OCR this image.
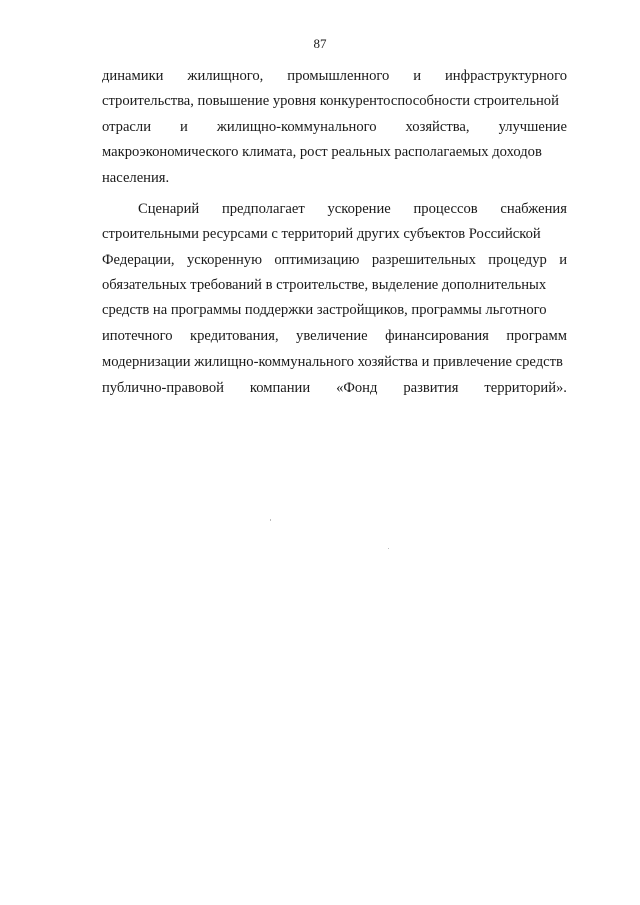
87
динамики жилищного, промышленного и инфраструктурного
строительства, повышение уровня конкурентоспособности строительной
отрасли и жилищно-коммунального хозяйства, улучшение
макроэкономического климата, рост реальных располагаемых доходов
населения.
Сценарий предполагает ускорение процессов снабжения
строительными ресурсами с территорий других субъектов Российской
Федерации, ускоренную оптимизацию разрешительных процедур и
обязательных требований в строительстве, выделение дополнительных
средств на программы поддержки застройщиков, программы льготного
ипотечного кредитования, увеличение финансирования программ
модернизации жилищно-коммунального хозяйства и привлечение средств
публично-правовой компании «Фонд развития территорий».
